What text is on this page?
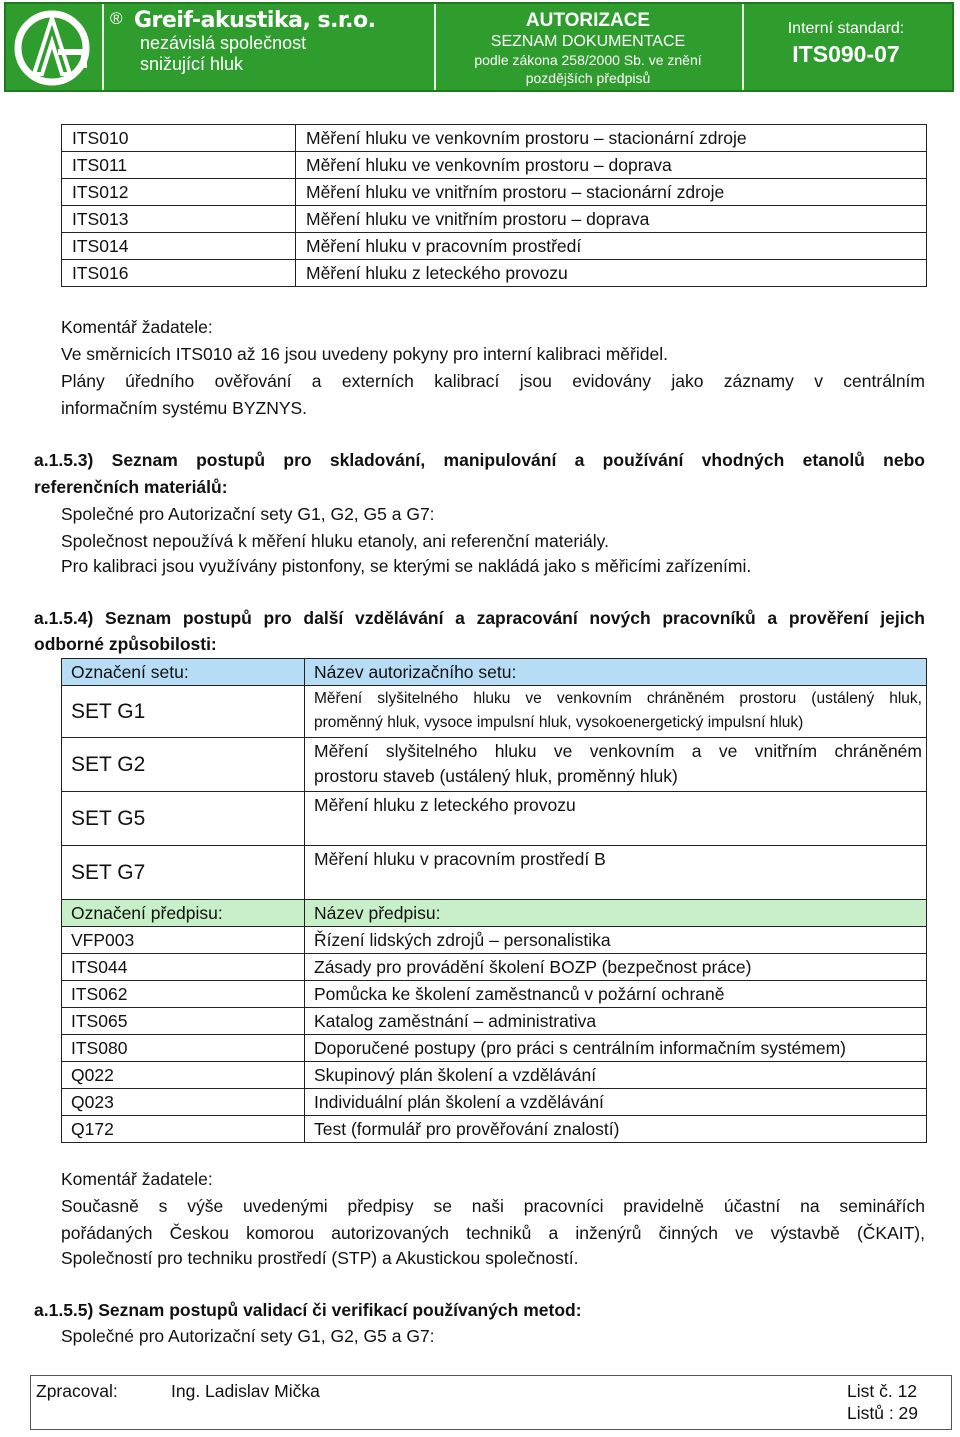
® Greif-akustika, s.r.o.
nezávislá společnost
snižující hluk
AUTORIZACE
SEZNAM DOKUMENTACE
podle zákona 258/2000 Sb. ve znění
pozdějších předpisů
Interní standard:
ITS090-07
ITS010	Měření hluku ve venkovním prostoru – stacionární zdroje
ITS011	Měření hluku ve venkovním prostoru – doprava
ITS012	Měření hluku ve vnitřním prostoru – stacionární zdroje
ITS013	Měření hluku ve vnitřním prostoru – doprava
ITS014	Měření hluku v pracovním prostředí
ITS016	Měření hluku z leteckého provozu
Komentář žadatele:
Ve směrnicích ITS010 až 16 jsou uvedeny pokyny pro interní kalibraci měřidel.
Plány úředního ověřování a externích kalibrací jsou evidovány jako záznamy v centrálním
informačním systému BYZNYS.
a.1.5.3) Seznam postupů pro skladování, manipulování a používání vhodných etanolů nebo
referenčních materiálů:
Společné pro Autorizační sety G1, G2, G5 a G7:
Společnost nepoužívá k měření hluku etanoly, ani referenční materiály.
Pro kalibraci jsou využívány pistonfony, se kterými se nakládá jako s měřicími zařízeními.
a.1.5.4) Seznam postupů pro další vzdělávání a zapracování nových pracovníků a prověření jejich
odborné způsobilosti:
Označení setu:	Název autorizačního setu:
SET G1	Měření slyšitelného hluku ve venkovním chráněném prostoru (ustálený hluk,
proměnný hluk, vysoce impulsní hluk, vysokoenergetický impulsní hluk)

SET G2	Měření slyšitelného hluku ve venkovním a ve vnitřním chráněném
prostoru staveb (ustálený hluk, proměnný hluk)

SET G5	Měření hluku z leteckého provozu

SET G7	Měření hluku v pracovním prostředí B

Označení předpisu:	Název předpisu:
VFP003	Řízení lidských zdrojů – personalistika
ITS044	Zásady pro provádění školení BOZP (bezpečnost práce)
ITS062	Pomůcka ke školení zaměstnanců v požární ochraně
ITS065	Katalog zaměstnání – administrativa
ITS080	Doporučené postupy (pro práci s centrálním informačním systémem)
Q022	Skupinový plán školení a vzdělávání
Q023	Individuální plán školení a vzdělávání
Q172	Test (formulář pro prověřování znalostí)
Komentář žadatele:
Současně s výše uvedenými předpisy se naši pracovníci pravidelně účastní na seminářích
pořádaných Českou komorou autorizovaných techniků a inženýrů činných ve výstavbě (ČKAIT),
Společností pro techniku prostředí (STP) a Akustickou společností.
a.1.5.5) Seznam postupů validací či verifikací používaných metod:
Společné pro Autorizační sety G1, G2, G5 a G7:
Zpracoval:	Ing. Ladislav Mička	List č. 12
Listů : 29
